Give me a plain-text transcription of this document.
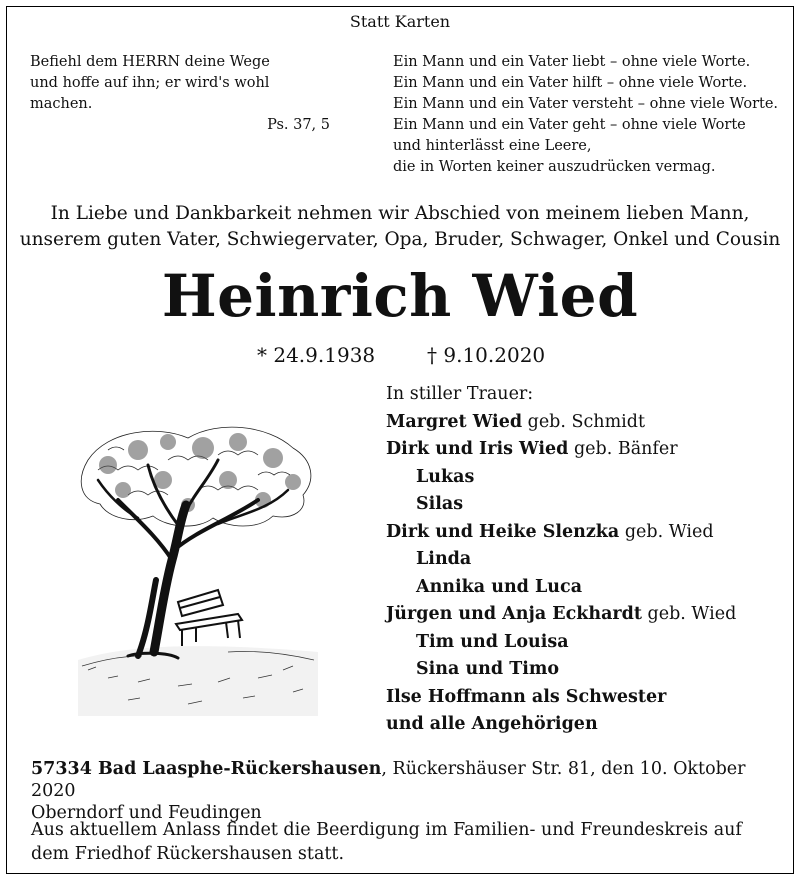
Statt Karten
Befiehl dem HERRN deine Wege
und hoffe auf ihn; er wird's wohl machen.
Ps. 37, 5
Ein Mann und ein Vater liebt – ohne viele Worte.
Ein Mann und ein Vater hilft – ohne viele Worte.
Ein Mann und ein Vater versteht – ohne viele Worte.
Ein Mann und ein Vater geht – ohne viele Worte
und hinterlässt eine Leere,
die in Worten keiner auszudrücken vermag.
In Liebe und Dankbarkeit nehmen wir Abschied von meinem lieben Mann,
unserem guten Vater, Schwiegervater, Opa, Bruder, Schwager, Onkel und Cousin
Heinrich Wied
* 24.9.1938	† 9.10.2020
In stiller Trauer:
Margret Wied geb. Schmidt
Dirk und Iris Wied geb. Bänfer
Lukas
Silas
Dirk und Heike Slenzka geb. Wied
Linda
Annika und Luca
Jürgen und Anja Eckhardt geb. Wied
Tim und Louisa
Sina und Timo
Ilse Hoffmann als Schwester
und alle Angehörigen
57334 Bad Laasphe-Rückershausen, Rückershäuser Str. 81, den 10. Oktober 2020
Oberndorf und Feudingen
Aus aktuellem Anlass findet die Beerdigung im Familien- und Freundeskreis auf
dem Friedhof Rückershausen statt.
